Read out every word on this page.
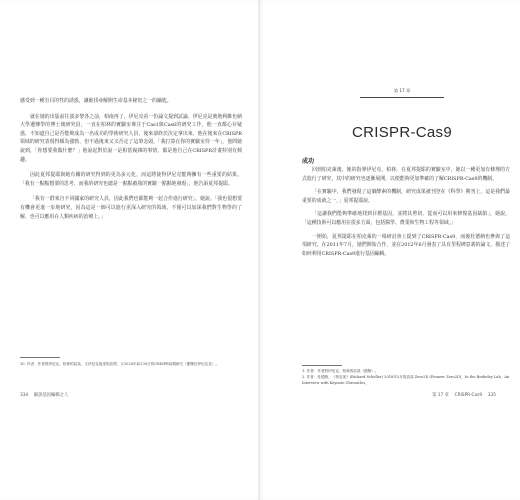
感受到一種有目的性的誘惑，讓她找尋解開生命基本秘密之一的鑰匙。

就在她的出版前往波多黎各之前，柏南再了，伊尼克看一份論文提到試論，伊尼克是奧地利維也納大學遺傳學的博士後研究員，一直在柏林的實驗室專注于Cas1與Cas6的研究工作，他一直都心存疑惑，不知道自己是否能夠成為一名成功的學術研究人員，後來卻終於決定拿出來，他在後來在CRISPR領域的研究表現得頗為強勁，但不過後來又又否定了這筆念頭，「我打算在你的實驗室待一年」，他問她說到，「你想要我做什麼？」他說起對於說一是相當複雜的事情，都是他自己在CRISPR計畫特別有興趣。

因此夏邦提耶與她有關的研究得到的更為多元化，而這將使得伊尼克能夠擁有一些重要的結果。「我有一點點想要的思考，而我的研究也總是一點點被我的實驗一點點地發現」，他告訴夏邦提耶。

「我有一群來自不同國家的研究人員，因此我們也都能夠一起合作進行研究」，她說。「我也很想要有機會更進一步地研究，因為這是一個可以進行更深入研究的領域，不僅可以加深我們對生物學的了解，也可以應用在人類疾病的治療上。」

10. 作者：作者對伊尼克、柏林的訪談，又伊尼克接受的訪問，又2020年4月30日的CRISPR前期研究（節錄於伊尼克及）。
334 　細說基因編輯之人
第 17 章
CRISPR-Cas9
成功

回到柏克萊後，她的指導伊尼克、柏林，在夏邦提耶的實驗室中，她以一種更加有條理的方式進行了研究，其中的研究也逐漸展開，以便能夠更加準確的了解CRISPR-Cas9的機制。

「在實驗中，我們發現了這個酵素的機制，研究成果被刊登在《科學》期刊上，這是我們最重要的成就之一，」夏邦提耶說。

「這讓我們能夠準確地找到目標基因，並將其剪切，從而可以用來修復基因缺陷」，她說。「這種技術可以應用在很多方面，包括醫學、農業和生物工程等領域。」

一開始，夏邦提耶在柏克萊的一場研討會上提到了CRISPR-Cas9，而後杜德納也參與了這項研究。在2011年7月，她們開始合作，並在2012年6月發表了具有里程碑意義的論文，描述了如何利用CRISPR-Cas9進行基因編輯。

1. 作者：作者對伊尼克、柏林的訪談（節錄）。
2. 作者：杜德納，《柏克萊》(Richard Scheller) 2018年3月的訪談 Zero2D (Pioneer Zero2D)，In the Berkeley Lab，An Interview with Keynote Chronicles。
第 17 章 　CRISPR-Cas9 　335
